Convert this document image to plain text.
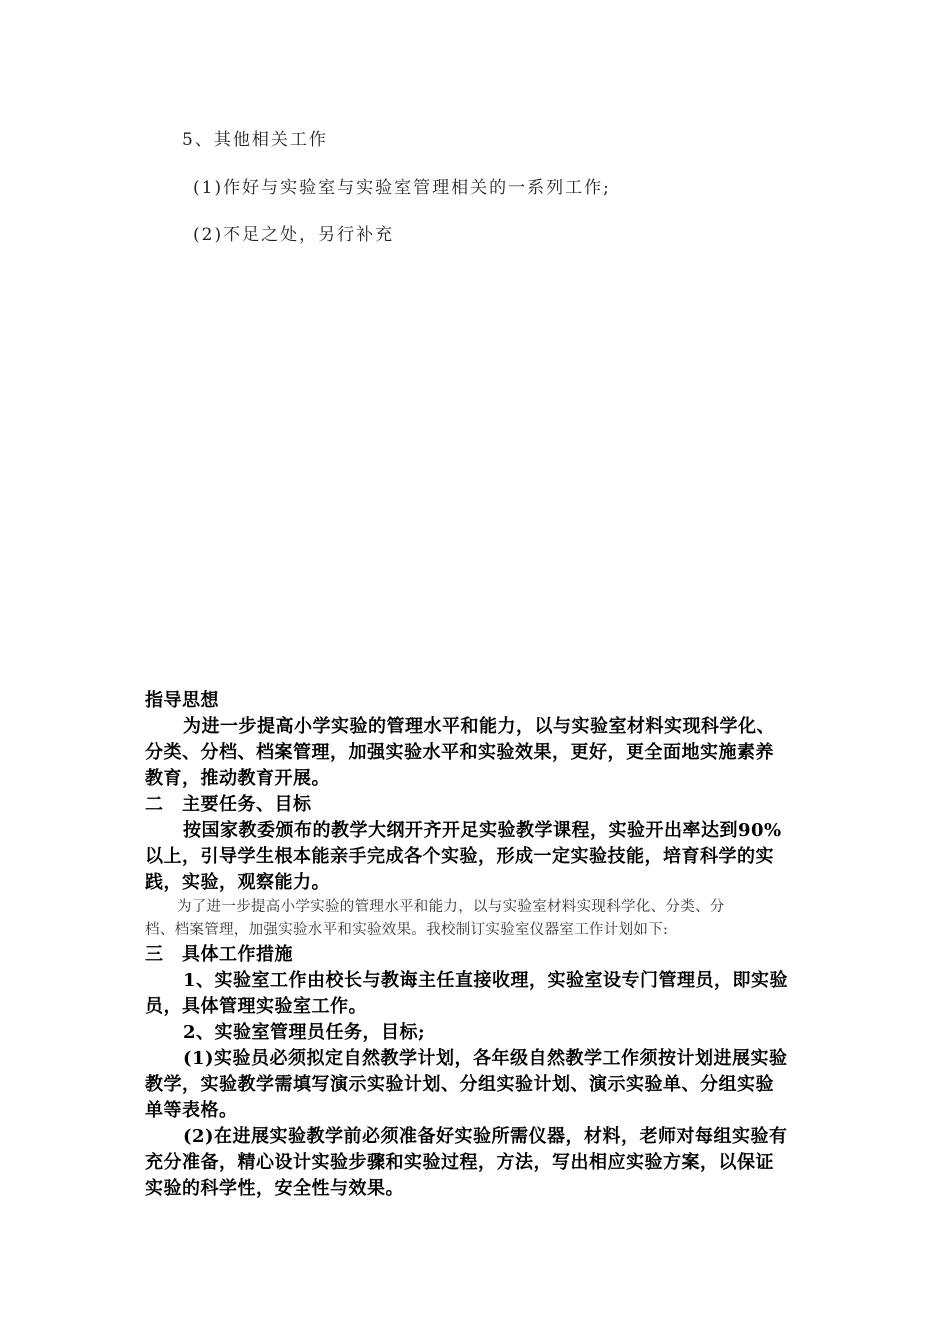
5、其他相关工作
(1)作好与实验室与实验室管理相关的一系列工作;
(2)不足之处，另行补充
指导思想
为进一步提高小学实验的管理水平和能力，以与实验室材料实现科学化、
分类、分档、档案管理，加强实验水平和实验效果，更好，更全面地实施素养
教育，推动教育开展。
二　主要任务、目标
按国家教委颁布的教学大纲开齐开足实验教学课程，实验开出率达到90%
以上，引导学生根本能亲手完成各个实验，形成一定实验技能，培育科学的实
践，实验，观察能力。
为了进一步提高小学实验的管理水平和能力，以与实验室材料实现科学化、分类、分
档、档案管理，加强实验水平和实验效果。我校制订实验室仪器室工作计划如下:
三　具体工作措施
1、实验室工作由校长与教诲主任直接收理，实验室设专门管理员，即实验
员，具体管理实验室工作。
2、实验室管理员任务，目标;
(1)实验员必须拟定自然教学计划，各年级自然教学工作须按计划进展实验
教学，实验教学需填写演示实验计划、分组实验计划、演示实验单、分组实验
单等表格。
(2)在进展实验教学前必须准备好实验所需仪器，材料，老师对每组实验有
充分准备，精心设计实验步骤和实验过程，方法，写出相应实验方案，以保证
实验的科学性，安全性与效果。
